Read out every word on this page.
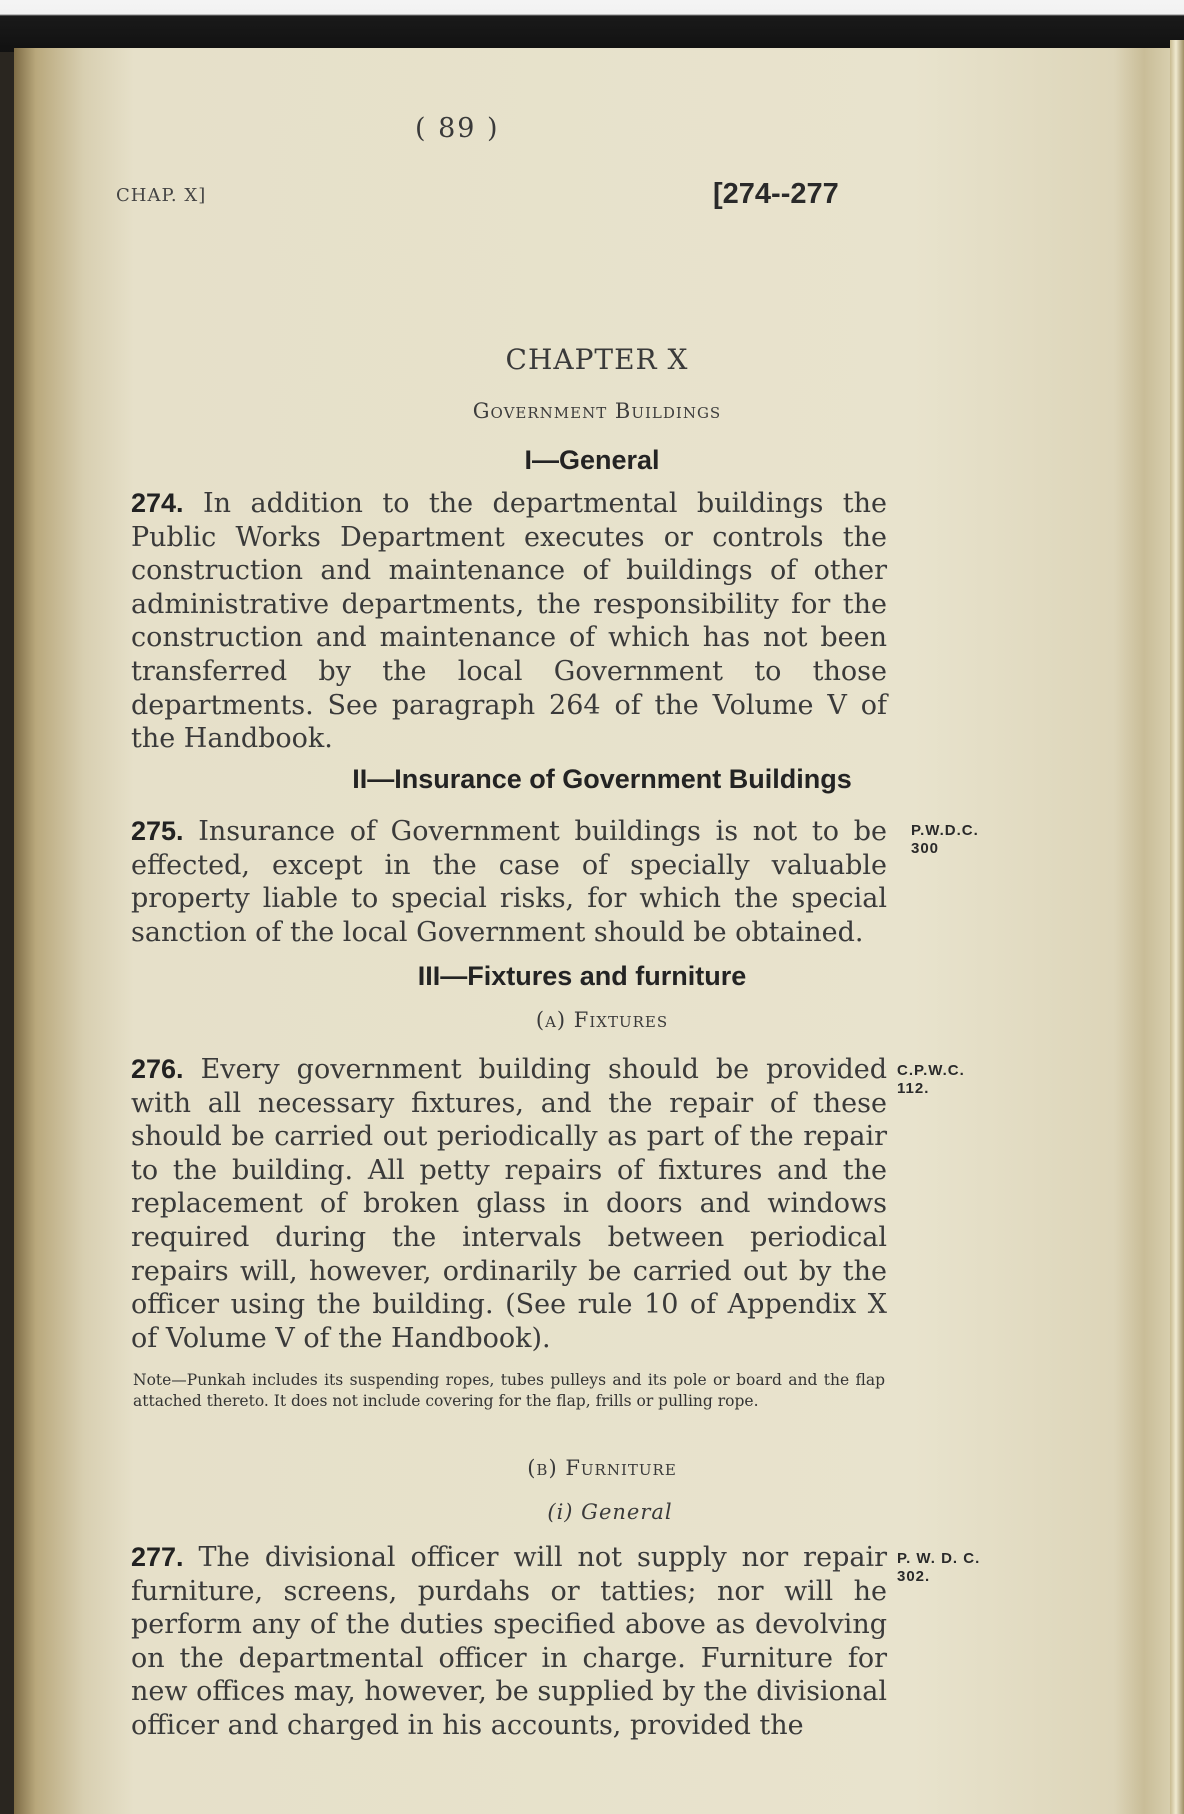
( 89 )
CHAP. X]	[274--277
CHAPTER X
Government Buildings
I—General
274. In addition to the departmental buildings the Public Works Department executes or controls the construction and maintenance of buildings of other administrative departments, the responsibility for the construction and maintenance of which has not been transferred by the local Government to those departments. See paragraph 264 of the Volume V of the Handbook.
II—Insurance of Government Buildings
275. Insurance of Government buildings is not to be effected, except in the case of specially valuable property liable to special risks, for which the special sanction of the local Government should be obtained.
P.W.D.C.
300
III—Fixtures and furniture
(a) Fixtures
276. Every government building should be provided with all necessary fixtures, and the repair of these should be carried out periodically as part of the repair to the building. All petty repairs of fixtures and the replacement of broken glass in doors and windows required during the intervals between periodical repairs will, however, ordinarily be carried out by the officer using the building. (See rule 10 of Appendix X of Volume V of the Handbook).
C.P.W.C.
112.
Note—Punkah includes its suspending ropes, tubes pulleys and its pole or board and the flap attached thereto. It does not include covering for the flap, frills or pulling rope.
(b) Furniture
(i) General
277. The divisional officer will not supply nor repair furniture, screens, purdahs or tatties; nor will he perform any of the duties specified above as devolving on the departmental officer in charge. Furniture for new offices may, however, be supplied by the divisional officer and charged in his accounts, provided the
P. W. D. C.
302.
